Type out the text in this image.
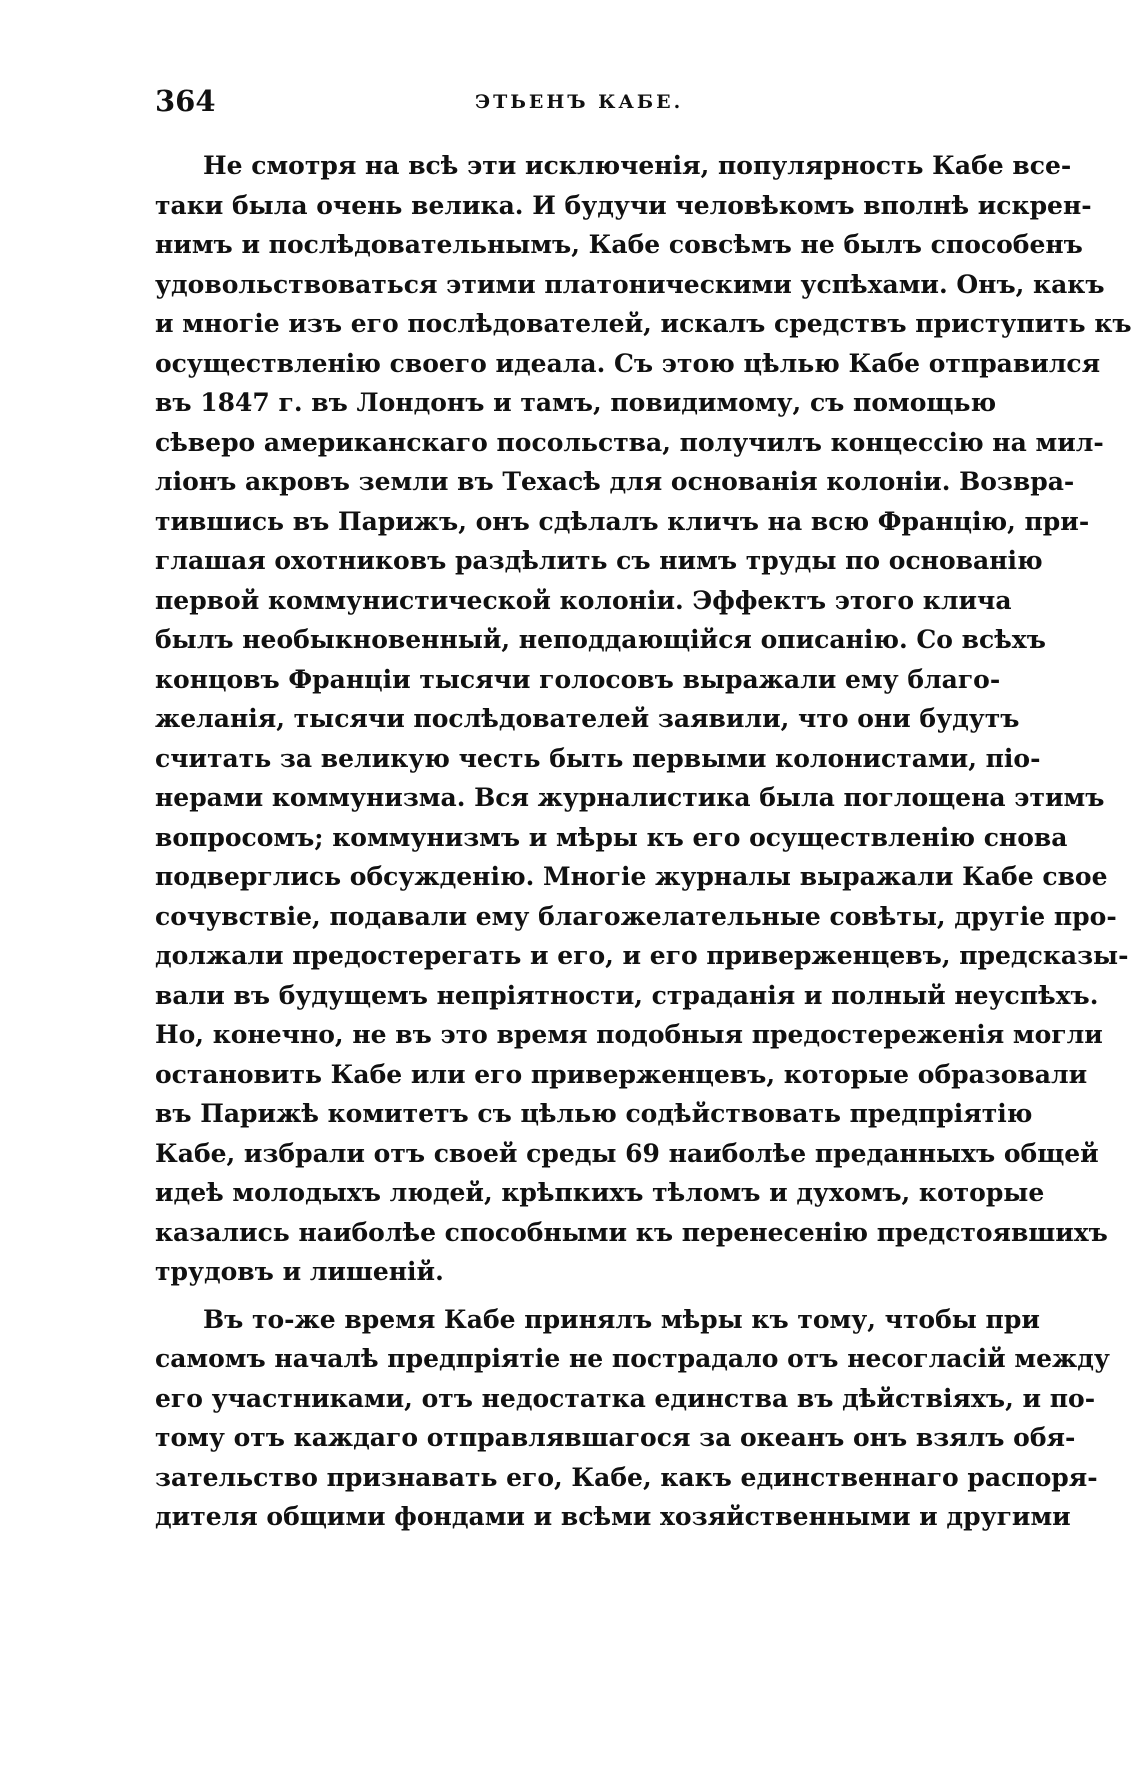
364	ЭТЬЕНЪ КАБЕ.
Не смотря на всѣ эти исключенія, популярность Кабе все-
таки была очень велика. И будучи человѣкомъ вполнѣ искрен-
нимъ и послѣдовательнымъ, Кабе совсѣмъ не былъ способенъ
удовольствоваться этими платоническими успѣхами. Онъ, какъ
и многіе изъ его послѣдователей, искалъ средствъ приступить къ
осуществленію своего идеала. Съ этою цѣлью Кабе отправился
въ 1847 г. въ Лондонъ и тамъ, повидимому, съ помощью
сѣверо американскаго посольства, получилъ концессію на мил-
ліонъ акровъ земли въ Техасѣ для основанія колоніи. Возвра-
тившись въ Парижъ, онъ сдѣлалъ кличъ на всю Францію, при-
глашая охотниковъ раздѣлить съ нимъ труды по основанію
первой коммунистической колоніи. Эффектъ этого клича
былъ необыкновенный, неподдающійся описанію. Со всѣхъ
концовъ Франціи тысячи голосовъ выражали ему благо-
желанія, тысячи послѣдователей заявили, что они будутъ
считать за великую честь быть первыми колонистами, піо-
нерами коммунизма. Вся журналистика была поглощена этимъ
вопросомъ; коммунизмъ и мѣры къ его осуществленію снова
подверглись обсужденію. Многіе журналы выражали Кабе свое
сочувствіе, подавали ему благожелательные совѣты, другіе про-
должали предостерегать и его, и его приверженцевъ, предсказы-
вали въ будущемъ непріятности, страданія и полный неуспѣхъ.
Но, конечно, не въ это время подобныя предостереженія могли
остановить Кабе или его приверженцевъ, которые образовали
въ Парижѣ комитетъ съ цѣлью содѣйствовать предпріятію
Кабе, избрали отъ своей среды 69 наиболѣе преданныхъ общей
идеѣ молодыхъ людей, крѣпкихъ тѣломъ и духомъ, которые
казались наиболѣе способными къ перенесенію предстоявшихъ
трудовъ и лишеній.
Въ то-же время Кабе принялъ мѣры къ тому, чтобы при
самомъ началѣ предпріятіе не пострадало отъ несогласій между
его участниками, отъ недостатка единства въ дѣйствіяхъ, и по-
тому отъ каждаго отправлявшагося за океанъ онъ взялъ обя-
зательство признавать его, Кабе, какъ единственнаго распоря-
дителя общими фондами и всѣми хозяйственными и другими
